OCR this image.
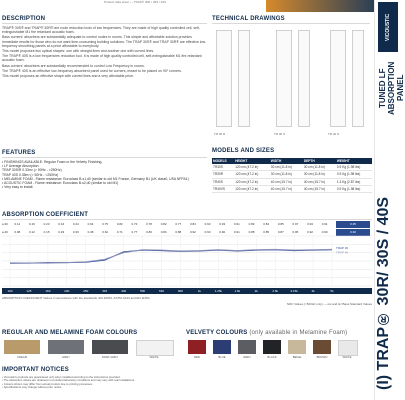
Product data sheet — TRAP® 30R / 30S / 40S
VICOUSTIC
TUNED LF ABSORPTION PANEL
(I) TRAP® 30R/ 30S / 40S
DESCRIPTION

TRAP® 30S® and TRAP® 30R® are node reduction tools of low frequencies. They are made of high quality controlled cell, self-extinguishable M1 fire retardant acoustic foam.

Bass corners' absorbers are substantially adequate to control nodes in rooms. This simple and affordable solution provides immediate results for those who do not want time-consuming building solutions. The TRAP 30S® and TRAP 30R® are effective low-frequency smoothing panels at a price affordable to everybody.

This model proposes two optical shapes: one with straight lines and another one with curved lines.

The TRAP® 40S is a low frequencies reduction tool. It is made of high quality controlled cell, self-extinguishable M1 fire-retardant acoustic foam.

Bass corners' absorbers are substantially recommended to control Low Frequency in rooms.

The TRAP® 40S is an effective low-frequency absorbent panel used for corners, meant to be placed on 90º corners.

This model proposes an effective shape with curved lines and a very affordable price.

FEATURES
• FINISHINGS AVAILABLE: Regular Foam or the Velvety Finishing.
• LF Average Absorption:
TRAP 30S/R 0.33m² (> 50Hz - <250Hz)
TRAP 40S 0.35m² (> 50Hz - <250Hz)
• MELAMINE FOAM - Flame resistance: Euroclass B-s1,d0 (similar to old M1 France, Germany B1 (UK class0, USA NFPA1)
• ACOUSTIC FOAM - Flame resistance: Euroclass B-s2,d0 (similar to old M1)
• Very easy to install.
TECHNICAL DRAWINGS
TR 30 R	TR 30 S	TR 40 S
MODELS AND SIZES
MODELS	HEIGHT	WIDTH	DEPTH	WEIGHT
TR30S	120 cm (47.2 in)	30 cm (11.8 in)	30 cm (11.8 in)	0.9 Kg (1.98 lbs)
TR30R	120 cm (47.2 in)	30 cm (11.8 in)	30 cm (11.8 in)	0.9 Kg (1.98 lbs)
TR40S	120 cm (47.2 in)	40 cm (15.7 in)	40 cm (15.7 in)	1.3 Kg (2.87 lbs)
TR40VS	120 cm (47.2 in)	40 cm (15.7 in)	40 cm (15.7 in)	0.9 Kg (1.98 lbs)
ABSORPTION COEFFICIENT
a.30	0.11	0.16	0.23	0.34	0.44	0.64	0.75	0.82	0.73	0.78	0.82	0.77	0.84	0.93	0.93	0.91	0.89	0.84	0.85	0.97	0.93	0.91	0.35
a.40	0.08	0.12	0.15	0.29	0.39	0.48	0.62	0.71	0.77	0.80	0.84	0.88	0.92	0.93	0.90	0.91	0.88	0.85	0.87	0.95	0.92	0.90	0.30
TRAP 30
TRAP 40
100	125	160	200	250	315	400	500	630	800	1k	1.25k	1.6k	2k	2.5k	3.15k	4k	5k
ABSORPTION COEFFICIENT Values in accordance with the standards: EN 20354, ASTM C423 and EN 11654
NRC Values (>500Hz only) — αw and Hz Bass Standard Values
REGULAR AND MELAMINE FOAM COLOURS	VELVETY COLOURS (only available in Melamine Foam)
CREAM	GREY	DARK GREY	WHITE	RED	BLUE	GREY	BLACK	BEIGE	BROWN	WHITE
IMPORTANT NOTICES
• Vicoustic's products are guaranteed only when installed according to the instructions provided.
• The absorption values are obtained in controlled laboratory conditions and may vary with real installations.
• Colours shown may differ from actual product due to printing processes.
• Specifications may change without prior notice.
